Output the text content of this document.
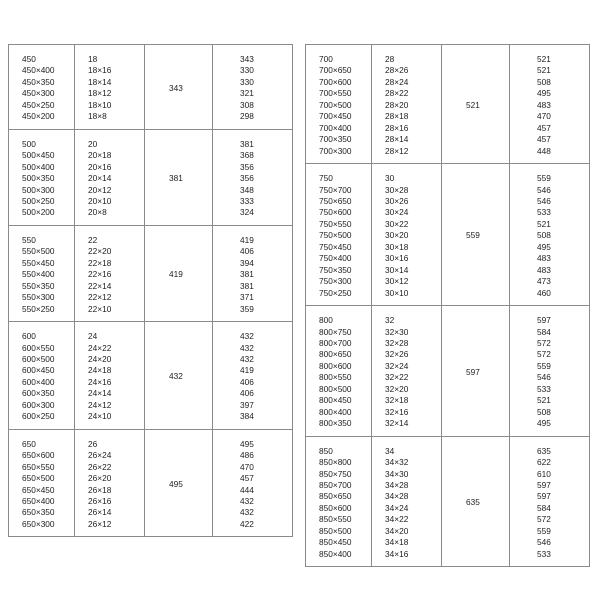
450
450×400
450×350
450×300
450×250
450×200
18
18×16
18×14
18×12
18×10
18×8
343
343
330
330
321
308
298
500
500×450
500×400
500×350
500×300
500×250
500×200
20
20×18
20×16
20×14
20×12
20×10
20×8
381
381
368
356
356
348
333
324
550
550×500
550×450
550×400
550×350
550×300
550×250
22
22×20
22×18
22×16
22×14
22×12
22×10
419
419
406
394
381
381
371
359
600
600×550
600×500
600×450
600×400
600×350
600×300
600×250
24
24×22
24×20
24×18
24×16
24×14
24×12
24×10
432
432
432
432
419
406
406
397
384
650
650×600
650×550
650×500
650×450
650×400
650×350
650×300
26
26×24
26×22
26×20
26×18
26×16
26×14
26×12
495
495
486
470
457
444
432
432
422
700
700×650
700×600
700×550
700×500
700×450
700×400
700×350
700×300
28
28×26
28×24
28×22
28×20
28×18
28×16
28×14
28×12
521
521
521
508
495
483
470
457
457
448
750
750×700
750×650
750×600
750×550
750×500
750×450
750×400
750×350
750×300
750×250
30
30×28
30×26
30×24
30×22
30×20
30×18
30×16
30×14
30×12
30×10
559
559
546
546
533
521
508
495
483
483
473
460
800
800×750
800×700
800×650
800×600
800×550
800×500
800×450
800×400
800×350
32
32×30
32×28
32×26
32×24
32×22
32×20
32×18
32×16
32×14
597
597
584
572
572
559
546
533
521
508
495
850
850×800
850×750
850×700
850×650
850×600
850×550
850×500
850×450
850×400
34
34×32
34×30
34×28
34×28
34×24
34×22
34×20
34×18
34×16
635
635
622
610
597
597
584
572
559
546
533
